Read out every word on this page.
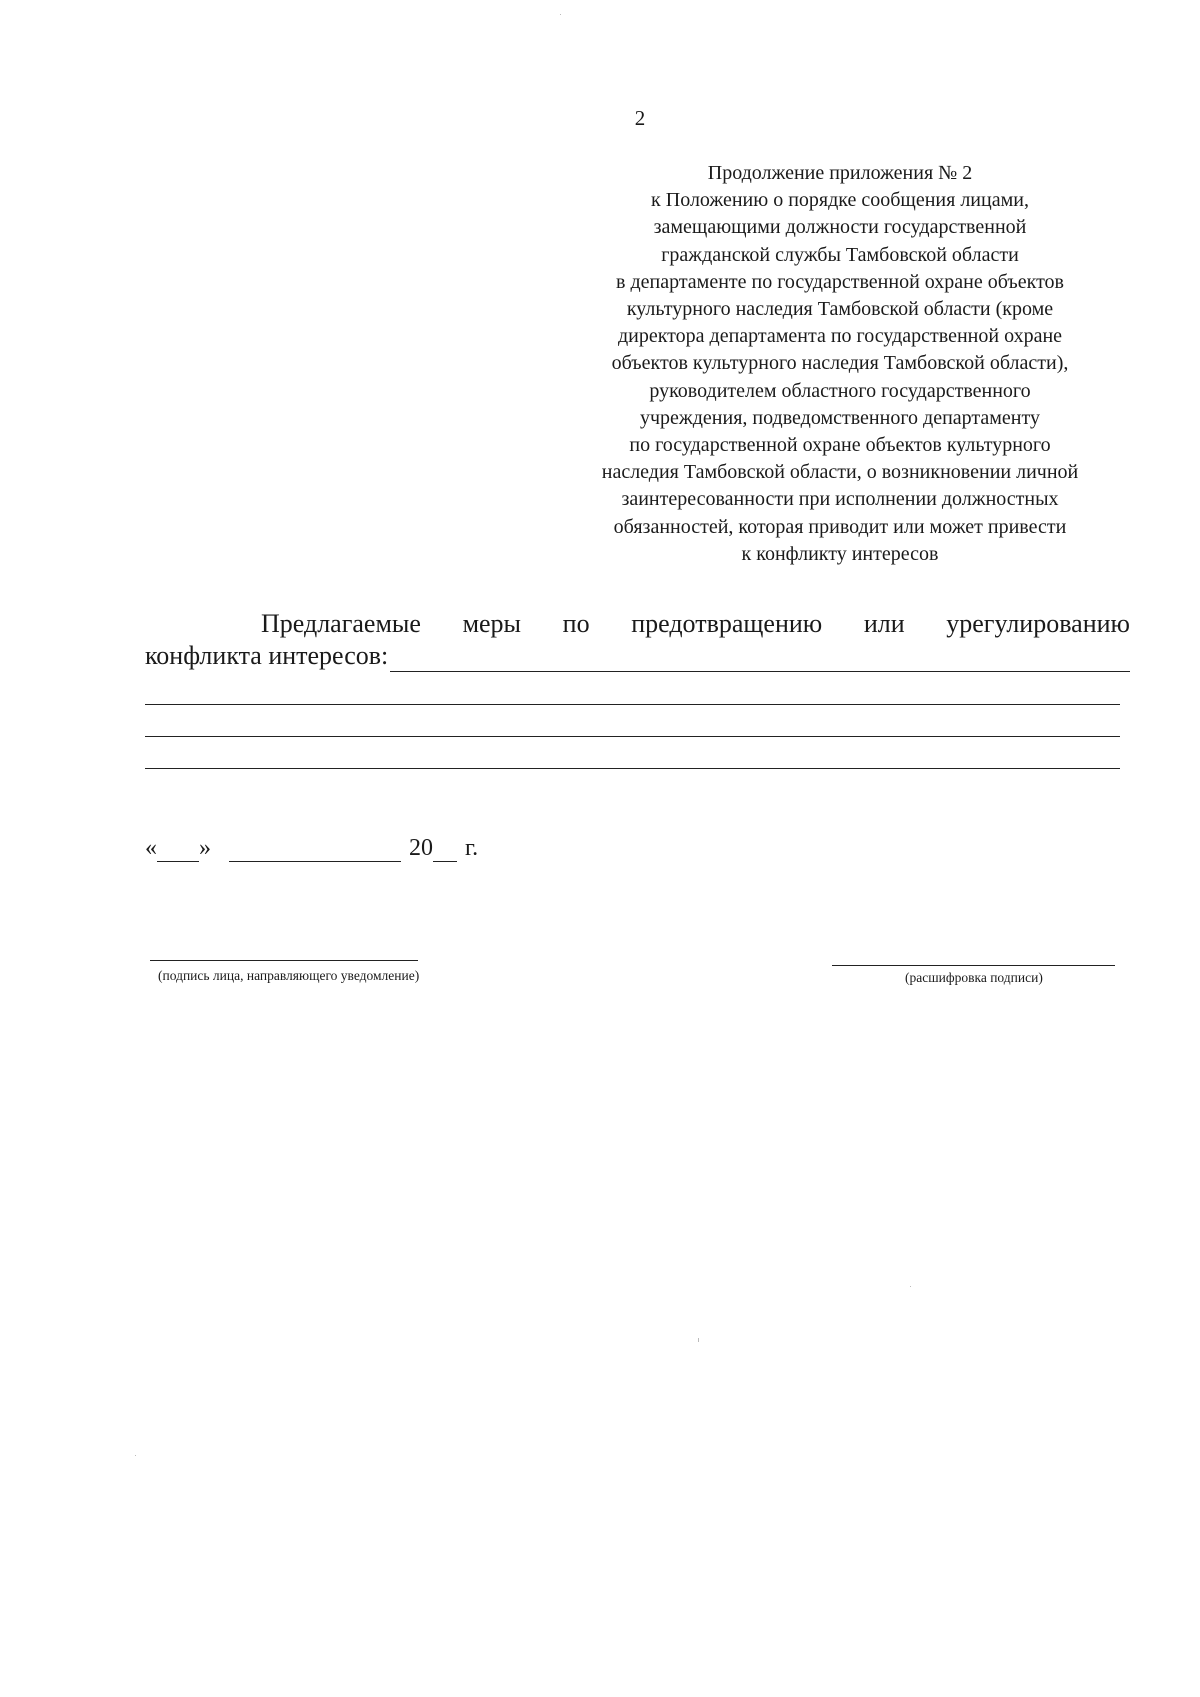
2
Продолжение приложения № 2
к Положению о порядке сообщения лицами,
замещающими должности государственной
гражданской службы Тамбовской области
в департаменте по государственной охране объектов
культурного наследия Тамбовской области (кроме
директора департамента по государственной охране
объектов культурного наследия Тамбовской области),
руководителем областного государственного
учреждения, подведомственного департаменту
по государственной охране объектов культурного
наследия Тамбовской области, о возникновении личной
заинтересованности при исполнении должностных
обязанностей, которая приводит или может привести
к конфликту интересов
Предлагаемые меры по предотвращению или урегулированию
конфликта интересов:
« »	20 г.
(подпись лица, направляющего уведомление)	(расшифровка подписи)
